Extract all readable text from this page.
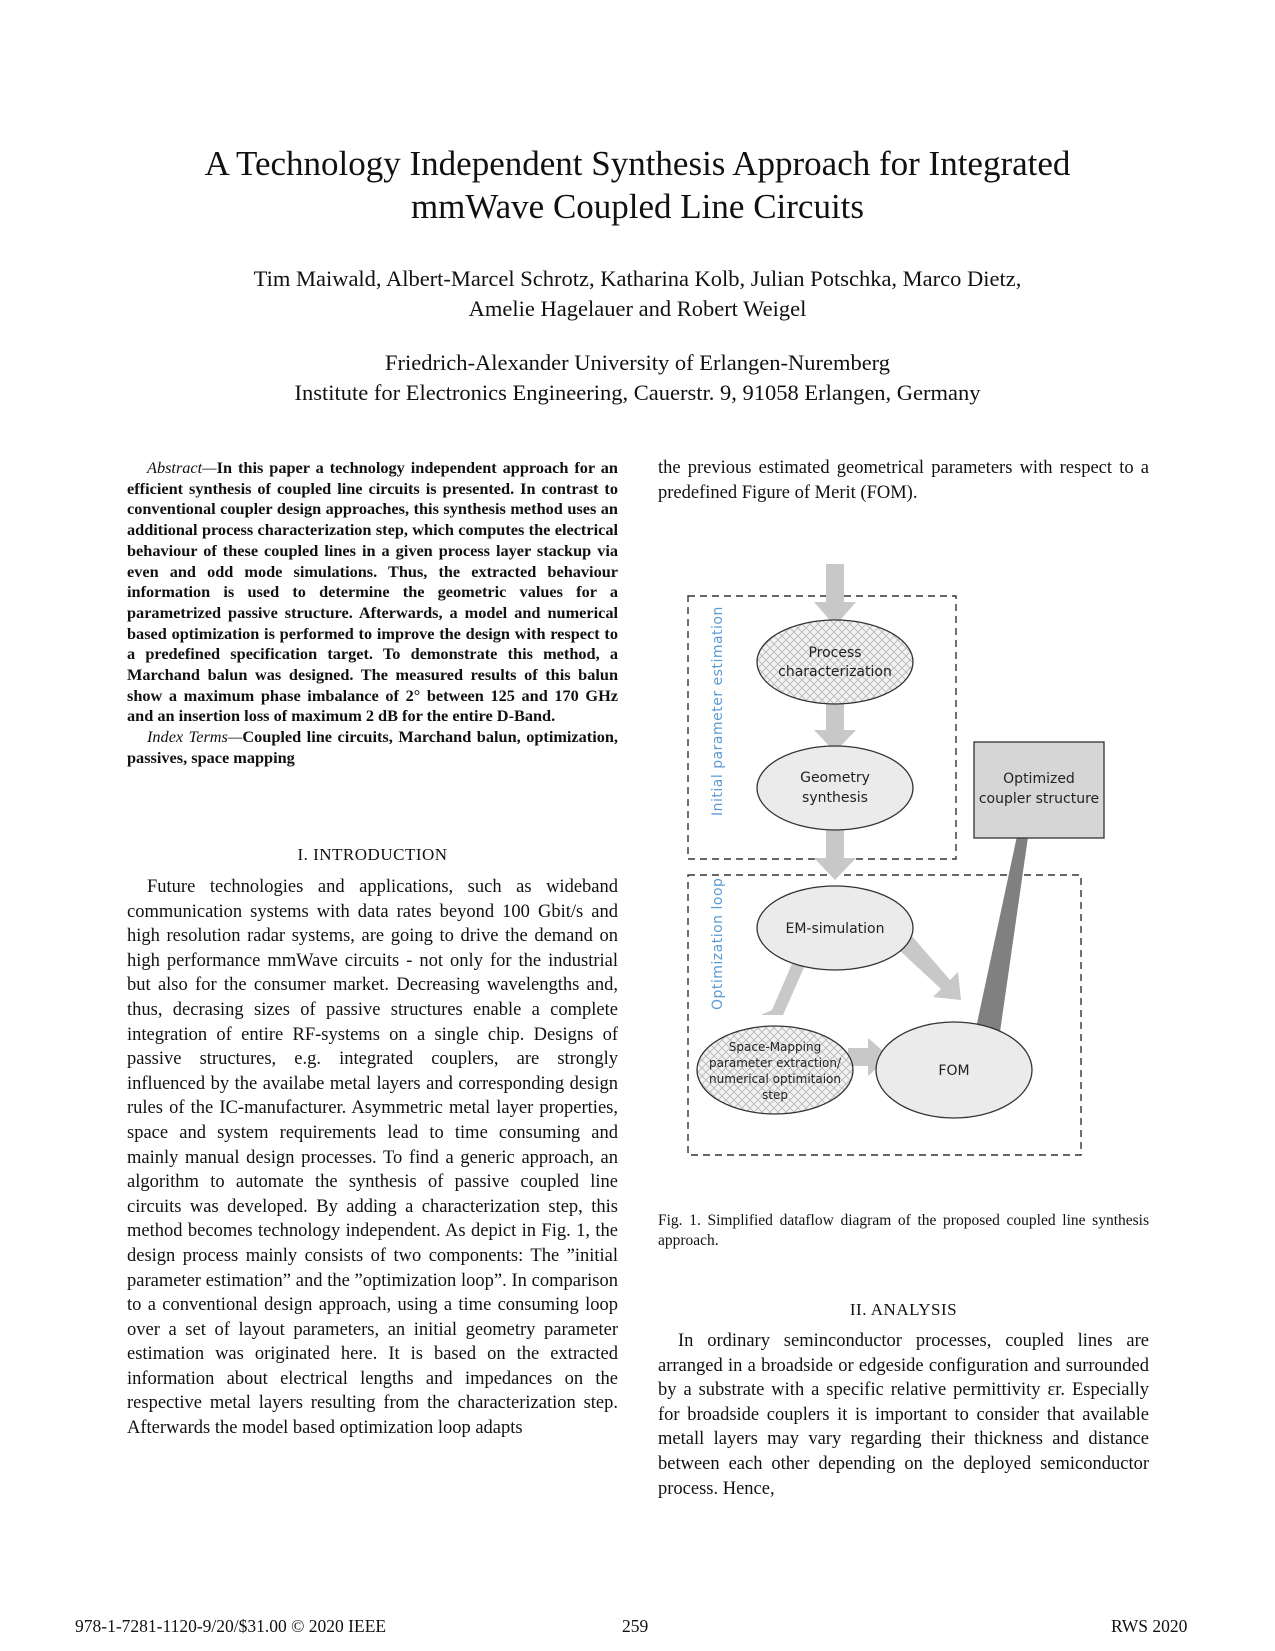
A Technology Independent Synthesis Approach for Integrated
mmWave Coupled Line Circuits
Tim Maiwald, Albert-Marcel Schrotz, Katharina Kolb, Julian Potschka, Marco Dietz,
Amelie Hagelauer and Robert Weigel
Friedrich-Alexander University of Erlangen-Nuremberg
Institute for Electronics Engineering, Cauerstr. 9, 91058 Erlangen, Germany

Abstract—In this paper a technology independent approach for an efficient synthesis of coupled line circuits is presented. In contrast to conventional coupler design approaches, this synthesis method uses an additional process characterization step, which computes the electrical behaviour of these coupled lines in a given process layer stackup via even and odd mode simulations. Thus, the extracted behaviour information is used to determine the geometric values for a parametrized passive structure. Afterwards, a model and numerical based optimization is performed to improve the design with respect to a predefined specification target. To demonstrate this method, a Marchand balun was designed. The measured results of this balun show a maximum phase imbalance of 2° between 125 and 170 GHz and an insertion loss of maximum 2 dB for the entire D-Band.

Index Terms—Coupled line circuits, Marchand balun, optimization, passives, space mapping

I. INTRODUCTION

Future technologies and applications, such as wideband communication systems with data rates beyond 100 Gbit/s and high resolution radar systems, are going to drive the demand on high performance mmWave circuits - not only for the industrial but also for the consumer market. Decreasing wavelengths and, thus, decrasing sizes of passive structures enable a complete integration of entire RF-systems on a single chip. Designs of passive structures, e.g. integrated couplers, are strongly influenced by the availabe metal layers and corresponding design rules of the IC-manufacturer. Asymmetric metal layer properties, space and system requirements lead to time consuming and mainly manual design processes. To find a generic approach, an algorithm to automate the synthesis of passive coupled line circuits was developed. By adding a characterization step, this method becomes technology independent. As depict in Fig. 1, the design process mainly consists of two components: The ”initial parameter estimation” and the ”optimization loop”. In comparison to a conventional design approach, using a time consuming loop over a set of layout parameters, an initial geometry parameter estimation was originated here. It is based on the extracted information about electrical lengths and impedances on the respective metal layers resulting from the characterization step. Afterwards the model based optimization loop adapts

the previous estimated geometrical parameters with respect to a predefined Figure of Merit (FOM).

Initial parameter estimation
Optimization loop
Process
characterization
Geometry
synthesis
Optimized
coupler structure
EM-simulation
Space-Mapping
parameter extraction/
numerical optimitaion
step
FOM
Fig. 1. Simplified dataflow diagram of the proposed coupled line synthesis approach.
II. ANALYSIS

In ordinary seminconductor processes, coupled lines are arranged in a broadside or edgeside configuration and surrounded by a substrate with a specific relative permittivity εr. Especially for broadside couplers it is important to consider that available metall layers may vary regarding their thickness and distance between each other depending on the deployed semiconductor process. Hence,

978-1-7281-1120-9/20/$31.00 © 2020 IEEE	259	RWS 2020
